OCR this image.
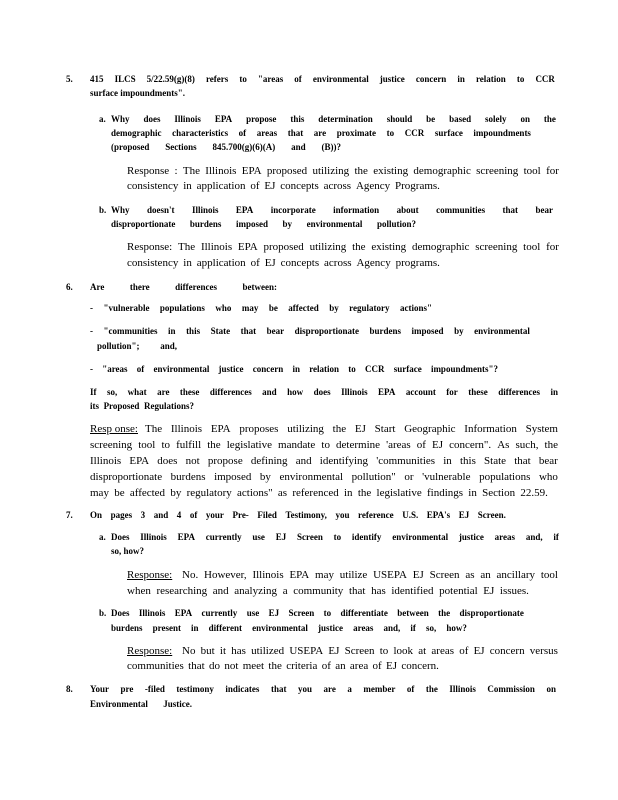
5. 415 ILCS 5/22.59(g)(8) refers to "areas of environmental justice concern in relation to CCR
surface impoundments".
a. Why does Illinois EPA propose this determination should be based solely on the
demographic characteristics of areas that are proximate to CCR surface impoundments
(proposed Sections 845.700(g)(6)(A) and (B))?
Response : The Illinois EPA proposed utilizing the existing demographic screening tool for
consistency in application of EJ concepts across Agency Programs.
b. Why doesn't Illinois EPA incorporate information about communities that bear
disproportionate burdens imposed by environmental pollution?
Response: The Illinois EPA proposed utilizing the existing demographic screening tool for
consistency in application of EJ concepts across Agency programs.
6. Are	there	differences	between:
- "vulnerable populations who may be affected by regulatory actions"
- "communities in this State that bear disproportionate burdens imposed by environmental
pollution"; and,
- "areas of environmental justice concern in relation to CCR surface impoundments"?
If so, what are these differences and how does Illinois EPA account for these differences in
its Proposed Regulations?
Resp onse: The Illinois EPA proposes utilizing the EJ Start Geographic Information System
screening tool to fulfill the legislative mandate to determine 'areas of EJ concern". As such, the
Illinois EPA does not propose defining and identifying 'communities in this State that bear
disproportionate burdens imposed by environmental pollution" or 'vulnerable populations who
may be affected by regulatory actions" as referenced in the legislative findings in Section 22.59.
7. On pages 3 and 4 of your Pre- Filed Testimony, you reference U.S. EPA's EJ Screen.
a. Does Illinois EPA currently use EJ Screen to identify environmental justice areas and, if
so, how?
Response: No. However, Illinois EPA may utilize USEPA EJ Screen as an ancillary tool
when researching and analyzing a community that has identified potential EJ issues.
b. Does Illinois EPA currently use EJ Screen to differentiate between the disproportionate
burdens present in different environmental justice areas and, if so, how?
Response: No but it has utilized USEPA EJ Screen to look at areas of EJ concern versus
communities that do not meet the criteria of an area of EJ concern.
8. Your pre -filed testimony indicates that you are a member of the Illinois Commission on
Environmental Justice.
